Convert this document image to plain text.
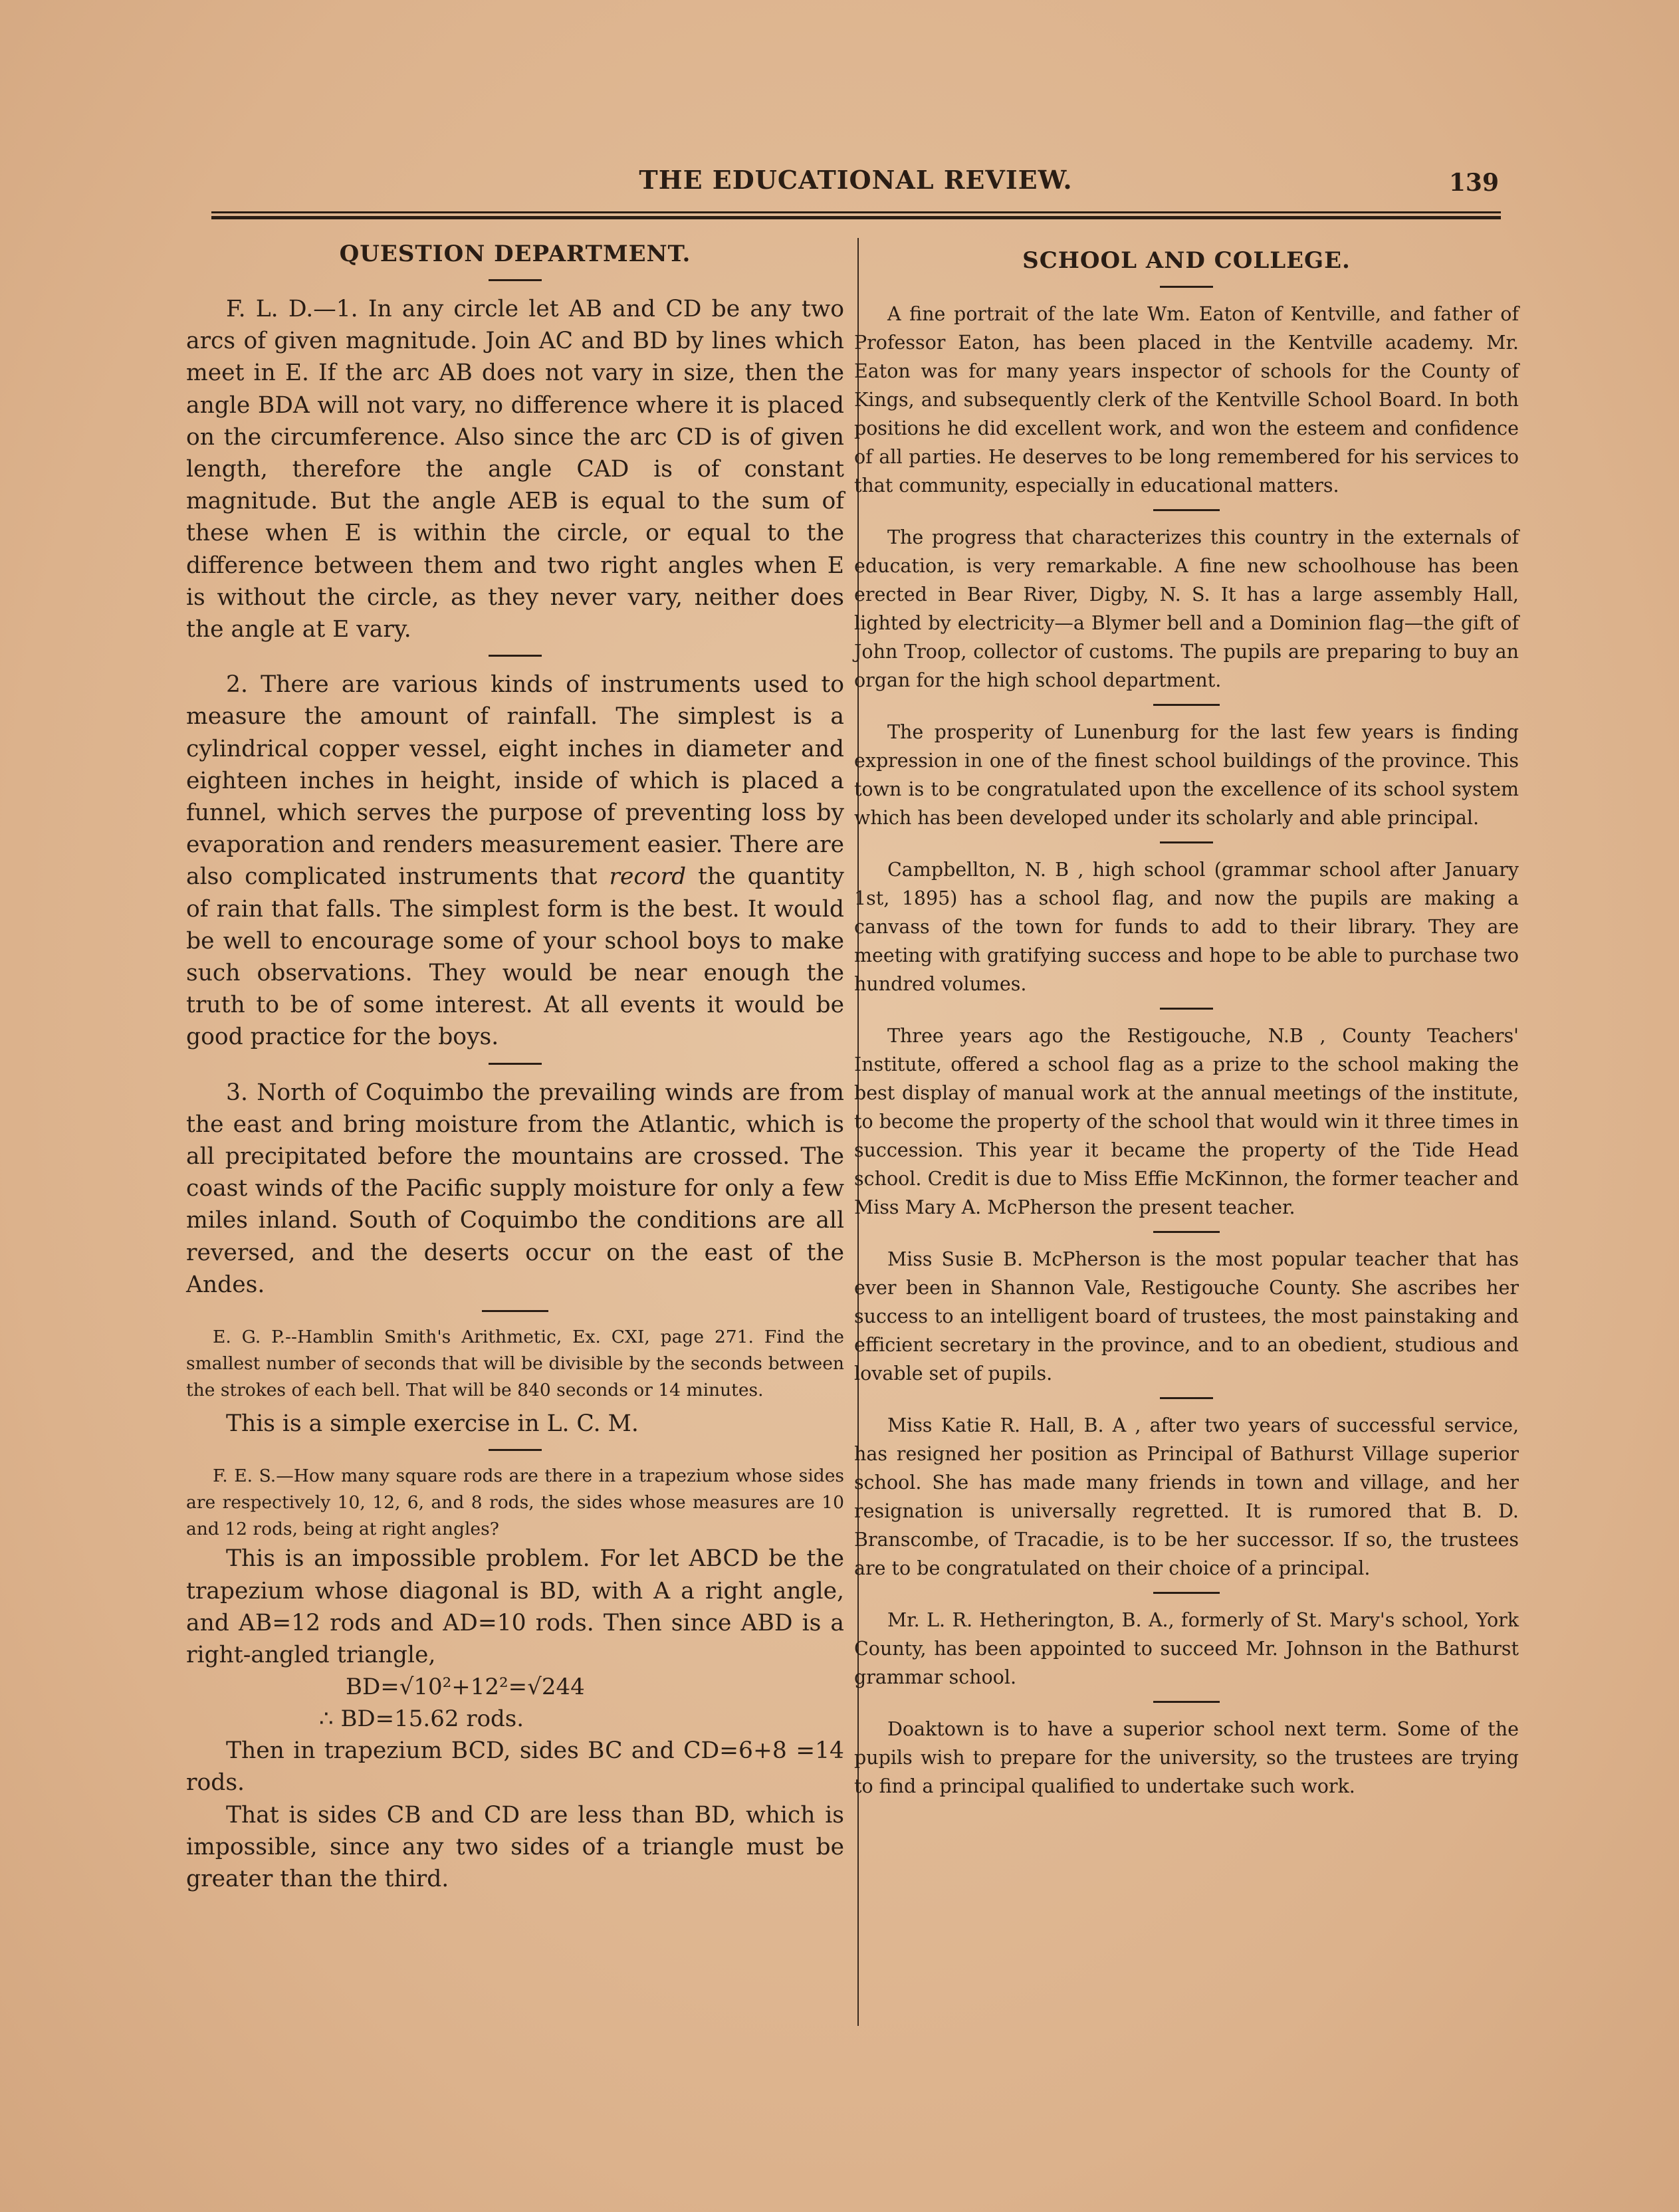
THE EDUCATIONAL REVIEW.	139
QUESTION DEPARTMENT.

F. L. D.—1. In any circle let AB and CD be any two arcs of given magnitude. Join AC and BD by lines which meet in E. If the arc AB does not vary in size, then the angle BDA will not vary, no difference where it is placed on the circumference. Also since the arc CD is of given length, therefore the angle CAD is of constant magnitude. But the angle AEB is equal to the sum of these when E is within the circle, or equal to the difference between them and two right angles when E is without the circle, as they never vary, neither does the angle at E vary.

2. There are various kinds of instruments used to measure the amount of rainfall. The simplest is a cylindrical copper vessel, eight inches in diameter and eighteen inches in height, inside of which is placed a funnel, which serves the purpose of preventing loss by evaporation and renders measurement easier. There are also complicated instruments that record the quantity of rain that falls. The simplest form is the best. It would be well to encourage some of your school boys to make such observations. They would be near enough the truth to be of some interest. At all events it would be good practice for the boys.

3. North of Coquimbo the prevailing winds are from the east and bring moisture from the Atlantic, which is all precipitated before the mountains are crossed. The coast winds of the Pacific supply moisture for only a few miles inland. South of Coquimbo the conditions are all reversed, and the deserts occur on the east of the Andes.

E. G. P.--Hamblin Smith's Arithmetic, Ex. CXI, page 271. Find the smallest number of seconds that will be divisible by the seconds between the strokes of each bell. That will be 840 seconds or 14 minutes.

This is a simple exercise in L. C. M.

F. E. S.—How many square rods are there in a trapezium whose sides are respectively 10, 12, 6, and 8 rods, the sides whose measures are 10 and 12 rods, being at right angles?

This is an impossible problem. For let ABCD be the trapezium whose diagonal is BD, with A a right angle, and AB=12 rods and AD=10 rods. Then since ABD is a right-angled triangle,

BD=√10²+12²=√244

∴ BD=15.62 rods.

Then in trapezium BCD, sides BC and CD=6+8 =14 rods.

That is sides CB and CD are less than BD, which is impossible, since any two sides of a triangle must be greater than the third.

SCHOOL AND COLLEGE.

A fine portrait of the late Wm. Eaton of Kentville, and father of Professor Eaton, has been placed in the Kentville academy. Mr. Eaton was for many years inspector of schools for the County of Kings, and subsequently clerk of the Kentville School Board. In both positions he did excellent work, and won the esteem and confidence of all parties. He deserves to be long remembered for his services to that community, especially in educational matters.

The progress that characterizes this country in the externals of education, is very remarkable. A fine new schoolhouse has been erected in Bear River, Digby, N. S. It has a large assembly Hall, lighted by electricity—a Blymer bell and a Dominion flag—the gift of John Troop, collector of customs. The pupils are preparing to buy an organ for the high school department.

The prosperity of Lunenburg for the last few years is finding expression in one of the finest school buildings of the province. This town is to be congratulated upon the excellence of its school system which has been developed under its scholarly and able principal.

Campbellton, N. B , high school (grammar school after January 1st, 1895) has a school flag, and now the pupils are making a canvass of the town for funds to add to their library. They are meeting with gratifying success and hope to be able to purchase two hundred volumes.

Three years ago the Restigouche, N.B , County Teachers' Institute, offered a school flag as a prize to the school making the best display of manual work at the annual meetings of the institute, to become the property of the school that would win it three times in succession. This year it became the property of the Tide Head school. Credit is due to Miss Effie McKinnon, the former teacher and Miss Mary A. McPherson the present teacher.

Miss Susie B. McPherson is the most popular teacher that has ever been in Shannon Vale, Restigouche County. She ascribes her success to an intelligent board of trustees, the most painstaking and efficient secretary in the province, and to an obedient, studious and lovable set of pupils.

Miss Katie R. Hall, B. A , after two years of successful service, has resigned her position as Principal of Bathurst Village superior school. She has made many friends in town and village, and her resignation is universally regretted. It is rumored that B. D. Branscombe, of Tracadie, is to be her successor. If so, the trustees are to be congratulated on their choice of a principal.

Mr. L. R. Hetherington, B. A., formerly of St. Mary's school, York County, has been appointed to succeed Mr. Johnson in the Bathurst grammar school.

Doaktown is to have a superior school next term. Some of the pupils wish to prepare for the university, so the trustees are trying to find a principal qualified to undertake such work.
